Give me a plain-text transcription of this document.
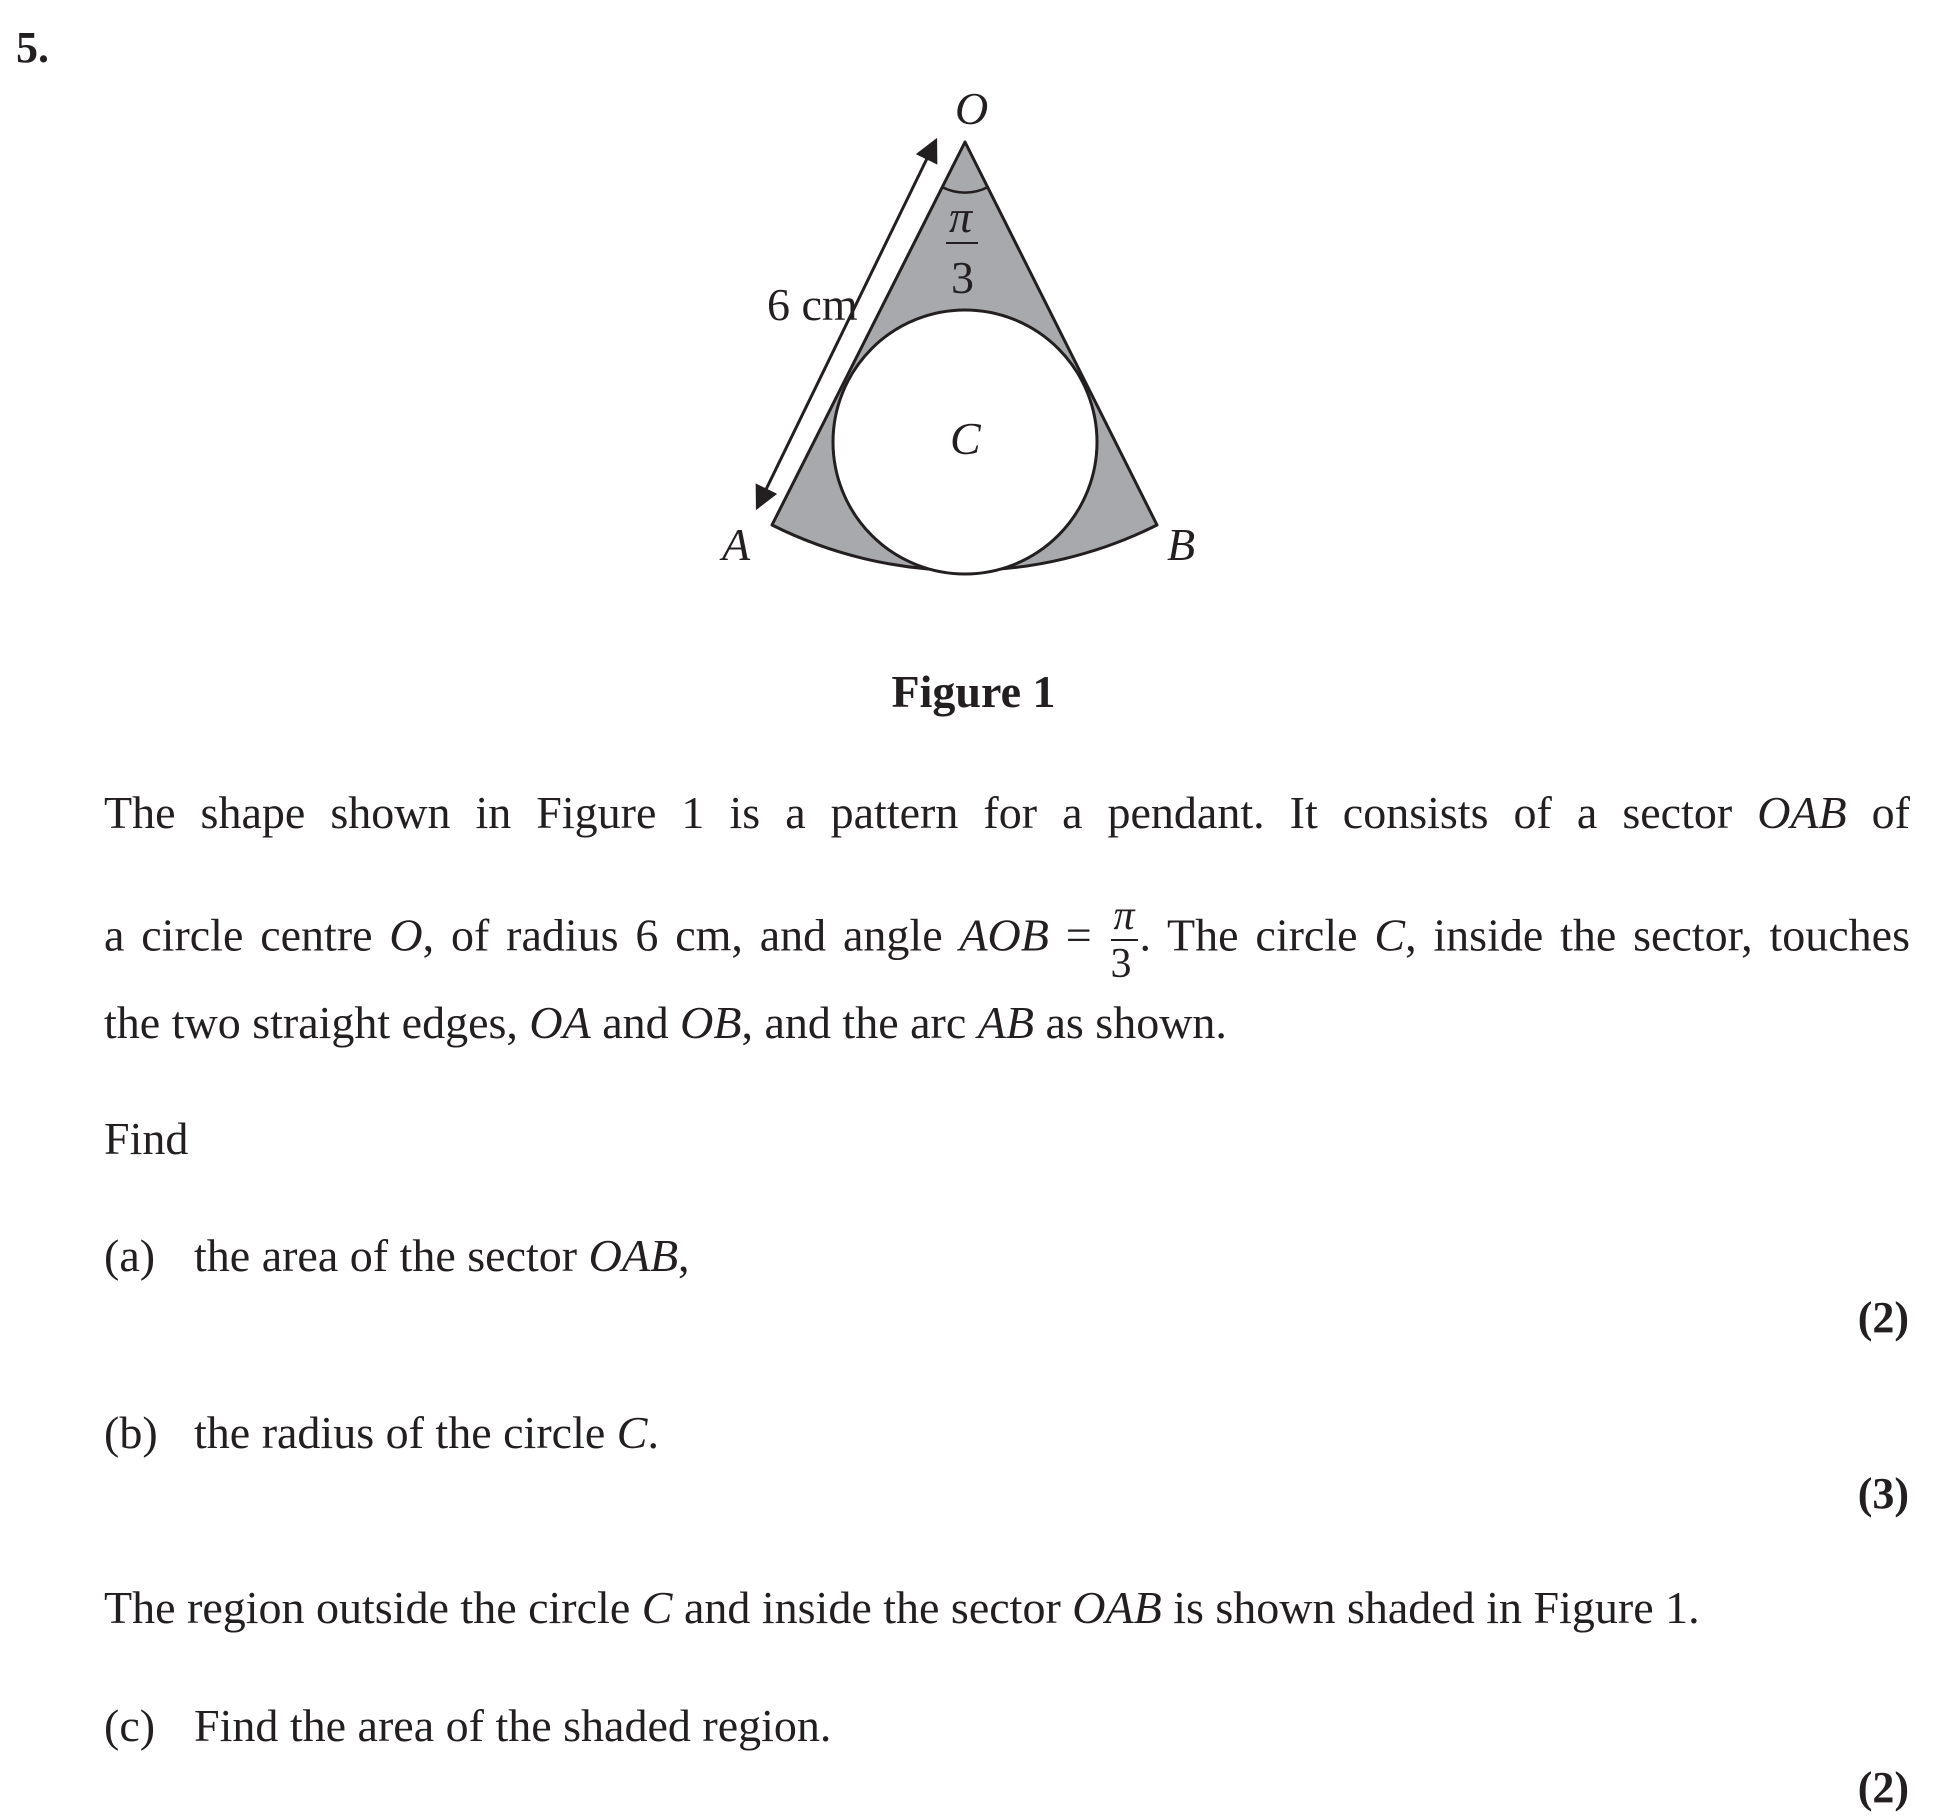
5.
O
A	B
C
6 cm
π
3
Figure 1

The shape shown in Figure 1 is a pattern for a pendant. It consists of a sector OAB of

a circle centre O, of radius 6 cm, and angle AOB = $\frac{\pi}{3}$ . The circle C, inside the sector, touches

the two straight edges, OA and OB, and the arc AB as shown.

Find

(a) the area of the sector OAB,
(2)
(b) the radius of the circle C.
(3)

The region outside the circle C and inside the sector OAB is shown shaded in Figure 1.

(c) Find the area of the shaded region.
(2)
